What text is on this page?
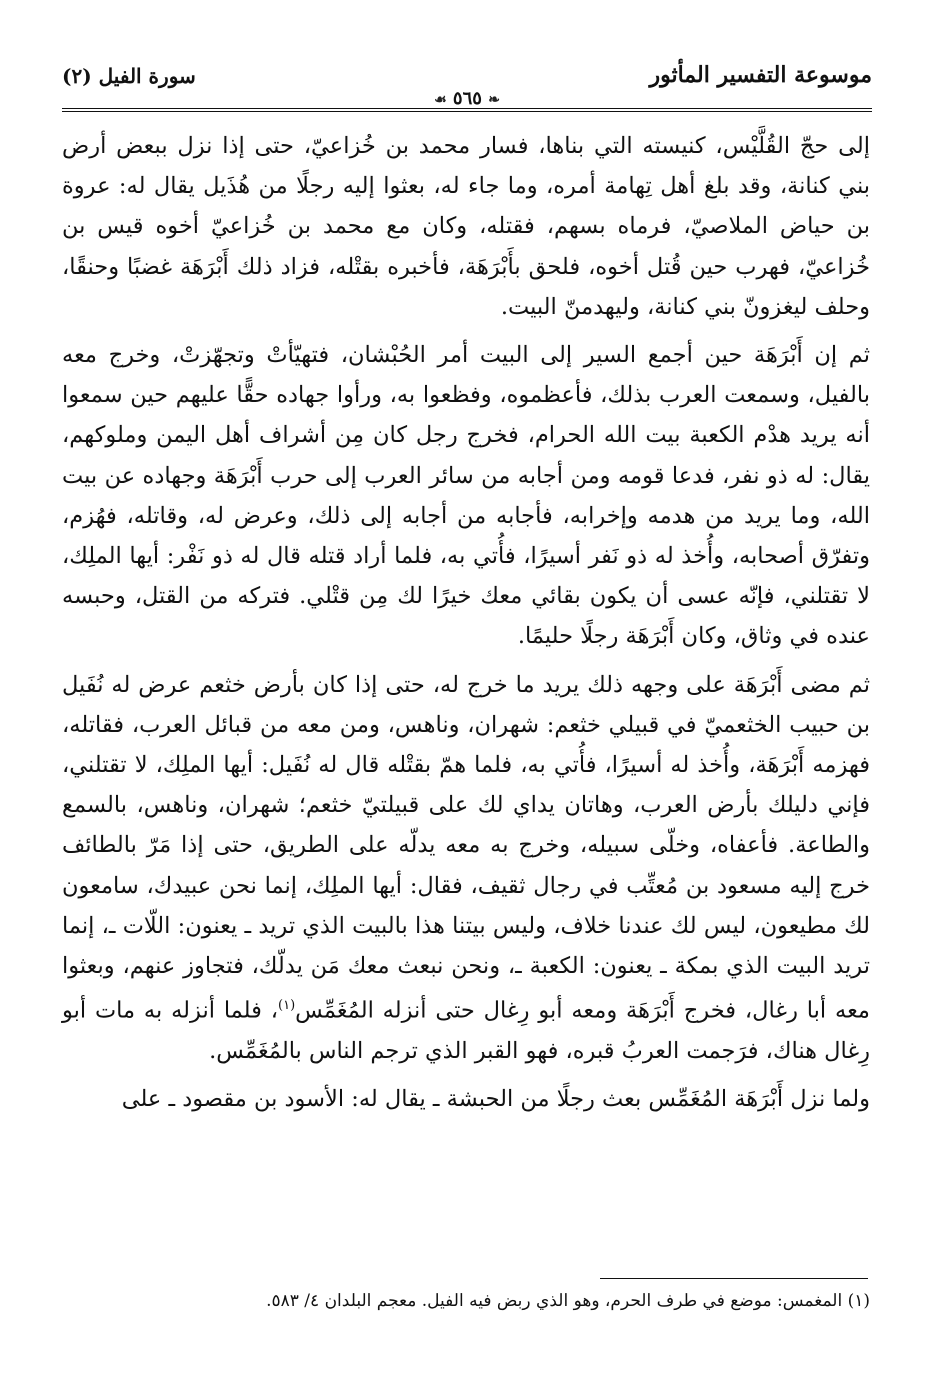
موسوعة التفسير المأثور
❧ ٥٦٥ ☙
سورة الفيل (٢)

إلى حجّ القُلَّيْس، كنيسته التي بناها، فسار محمد بن خُزاعيّ، حتى إذا نزل ببعض أرض بني كنانة، وقد بلغ أهل تِهامة أمره، وما جاء له، بعثوا إليه رجلًا من هُذَيل يقال له: عروة بن حياض الملاصيّ، فرماه بسهم، فقتله، وكان مع محمد بن خُزاعيّ أخوه قيس بن خُزاعيّ، فهرب حين قُتل أخوه، فلحق بأَبْرَهَة، فأخبره بقتْله، فزاد ذلك أَبْرَهَة غضبًا وحنقًا، وحلف ليغزونّ بني كنانة، وليهدمنّ البيت.

ثم إن أَبْرَهَة حين أجمع السير إلى البيت أمر الحُبْشان، فتهيّأتْ وتجهّزتْ، وخرج معه بالفيل، وسمعت العرب بذلك، فأعظموه، وفظعوا به، ورأوا جهاده حقًّا عليهم حين سمعوا أنه يريد هدْم الكعبة بيت الله الحرام، فخرج رجل كان مِن أشراف أهل اليمن وملوكهم، يقال: له ذو نفر، فدعا قومه ومن أجابه من سائر العرب إلى حرب أَبْرَهَة وجهاده عن بيت الله، وما يريد من هدمه وإخرابه، فأجابه من أجابه إلى ذلك، وعرض له، وقاتله، فهُزم، وتفرّق أصحابه، وأُخذ له ذو نَفر أسيرًا، فأُتي به، فلما أراد قتله قال له ذو نَفْر: أيها الملِك، لا تقتلني، فإنّه عسى أن يكون بقائي معك خيرًا لك مِن قتْلي. فتركه من القتل، وحبسه عنده في وثاق، وكان أَبْرَهَة رجلًا حليمًا.

ثم مضى أَبْرَهَة على وجهه ذلك يريد ما خرج له، حتى إذا كان بأرض خثعم عرض له نُفَيل بن حبيب الخثعميّ في قبيلي خثعم: شهران، وناهس، ومن معه من قبائل العرب، فقاتله، فهزمه أَبْرَهَة، وأُخذ له أسيرًا، فأُتي به، فلما همّ بقتْله قال له نُفَيل: أيها الملِك، لا تقتلني، فإني دليلك بأرض العرب، وهاتان يداي لك على قبيلتيّ خثعم؛ شهران، وناهس، بالسمع والطاعة. فأعفاه، وخلّى سبيله، وخرج به معه يدلّه على الطريق، حتى إذا مَرّ بالطائف خرج إليه مسعود بن مُعتِّب في رجال ثقيف، فقال: أيها الملِك، إنما نحن عبيدك، سامعون لك مطيعون، ليس لك عندنا خلاف، وليس بيتنا هذا بالبيت الذي تريد ـ يعنون: اللّات ـ، إنما تريد البيت الذي بمكة ـ يعنون: الكعبة ـ، ونحن نبعث معك مَن يدلّك، فتجاوز عنهم، وبعثوا معه أبا رغال، فخرج أَبْرَهَة ومعه أبو رِغال حتى أنزله المُغَمِّس$^{(١)}$، فلما أنزله به مات أبو رِغال هناك، فرَجمت العربُ قبره، فهو القبر الذي ترجم الناس بالمُغَمِّس.

ولما نزل أَبْرَهَة المُغَمِّس بعث رجلًا من الحبشة ـ يقال له: الأسود بن مقصود ـ على

(١) المغمس: موضع في طرف الحرم، وهو الذي ربض فيه الفيل. معجم البلدان ٤/ ٥٨٣.
